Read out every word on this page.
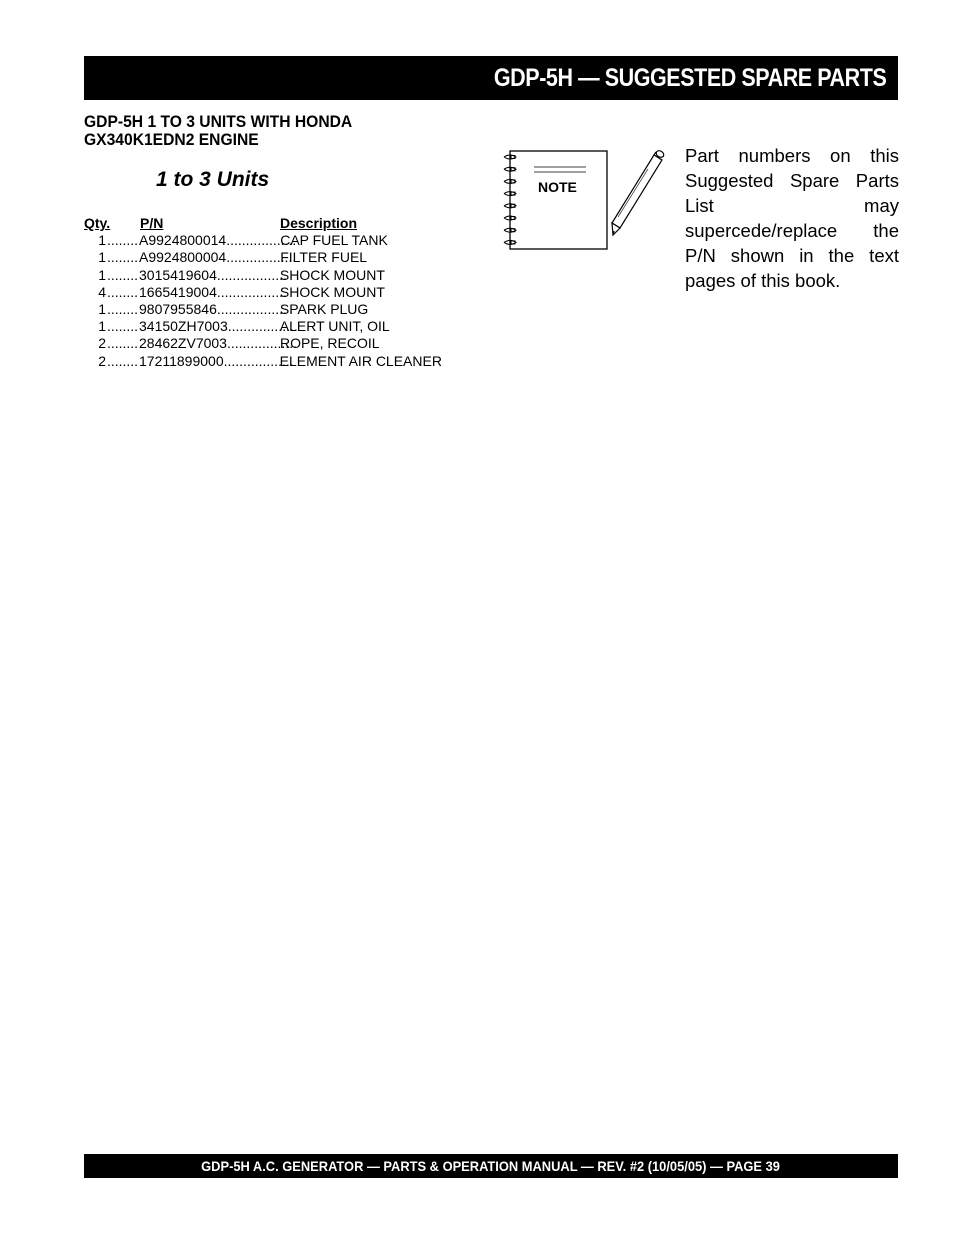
GDP-5H — SUGGESTED SPARE PARTS
GDP-5H 1 TO 3 UNITS WITH HONDA
GX340K1EDN2 ENGINE
1 to 3 Units
Qty.	P/N	Description
1 ........ A9924800014 ..................
CAP FUEL TANK
1 ........ A9924800004 ..................
FILTER FUEL
1 ........ 3015419604 ..................
SHOCK MOUNT
4 ........ 1665419004 ..................
SHOCK MOUNT
1 ........ 9807955846 ..................
SPARK PLUG
1 ........ 34150ZH7003 ..................
ALERT UNIT, OIL
2 ........ 28462ZV7003 ..................
ROPE, RECOIL
2 ........ 17211899000 ..................
ELEMENT AIR CLEANER
NOTE
Part numbers on this Suggested Spare Parts List may supercede/replace the P/N shown in the text pages of this book.
GDP-5H A.C. GENERATOR — PARTS & OPERATION MANUAL — REV. #2 (10/05/05) — PAGE 39
